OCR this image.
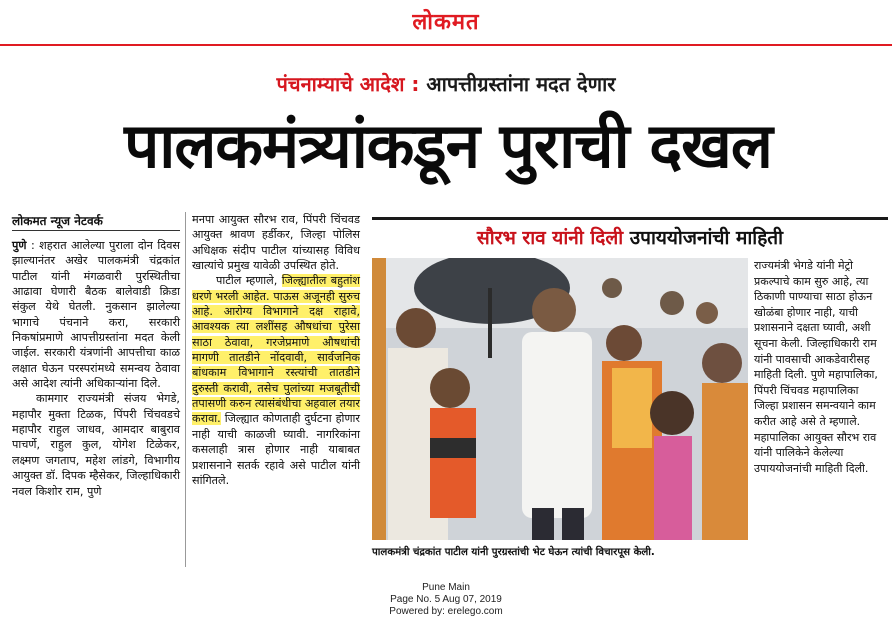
लोकमत
पंचनाम्याचे आदेश : आपत्तीग्रस्तांना मदत देणार
पालकमंत्र्यांकडून पुराची दखल
लोकमत न्यूज नेटवर्क

पुणे : शहरात आलेल्या पुराला दोन दिवस झाल्यानंतर अखेर पालकमंत्री चंद्रकांत पाटील यांनी मंगळवारी पुरस्थितीचा आढावा घेणारी बैठक बालेवाडी क्रिडा संकुल येथे घेतली. नुकसान झालेल्या भागाचे पंचनाने करा, सरकारी निकषांप्रमाणे आपत्तीग्रस्तांना मदत केली जाईल. सरकारी यंत्रणांनी आपत्तीचा काळ लक्षात घेऊन परस्परांमध्ये समन्वय ठेवावा असे आदेश त्यांनी अधिकाऱ्यांना दिले.

कामगार राज्यमंत्री संजय भेगडे, महापौर मुक्ता टिळक, पिंपरी चिंचवडचे महापौर राहुल जाधव, आमदार बाबुराव पाचर्णे, राहुल कुल, योगेश टिळेकर, लक्ष्मण जगताप, महेश लांडगे, विभागीय आयुक्त डॉ. दिपक म्हैसेकर, जिल्हाधिकारी नवल किशोर राम, पुणे

मनपा आयुक्त सौरभ राव, पिंपरी चिंचवड आयुक्त श्रावण हर्डीकर, जिल्हा पोलिस अधिक्षक संदीप पाटील यांच्यासह विविध खात्यांचे प्रमुख यावेळी उपस्थित होते.

पाटील म्हणाले, जिल्ह्यातील बहुतांश धरणे भरली आहेत. पाऊस अजूनही सुरुच आहे. आरोग्य विभागाने दक्ष राहावे, आवश्यक त्या लशींसह औषधांचा पुरेसा साठा ठेवावा, गरजेप्रमाणे औषधांची मागणी तातडीने नोंदवावी, सार्वजनिक बांधकाम विभागाने रस्त्यांची तातडीने दुरुस्ती करावी, तसेच पुलांच्या मजबूतीची तपासणी करुन त्यासंबंधीचा अहवाल तयार करावा. जिल्ह्यात कोणताही दुर्घटना होणार नाही याची काळजी घ्यावी. नागरिकांना कसलाही त्रास होणार नाही याबाबत प्रशासनाने सतर्क रहावे असे पाटील यांनी सांगितले.

सौरभ राव यांनी दिली उपाययोजनांची माहिती
पालकमंत्री चंद्रकांत पाटील यांनी पुरग्रस्तांची भेट घेऊन त्यांची विचारपूस केली.

राज्यमंत्री भेगडे यांनी मेट्रो प्रकल्पाचे काम सुरु आहे, त्या ठिकाणी पाण्याचा साठा होऊन खोळंबा होणार नाही, याची प्रशासनाने दक्षता घ्यावी, अशी सूचना केली. जिल्हाधिकारी राम यांनी पावसाची आकडेवारीसह माहिती दिली. पुणे महापालिका, पिंपरी चिंचवड महापालिका जिल्हा प्रशासन समन्वयाने काम करीत आहे असे ते म्हणाले. महापालिका आयुक्त सौरभ राव यांनी पालिकेने केलेल्या उपाययोजनांची माहिती दिली.

Pune Main
Page No. 5 Aug 07, 2019
Powered by: erelego.com
